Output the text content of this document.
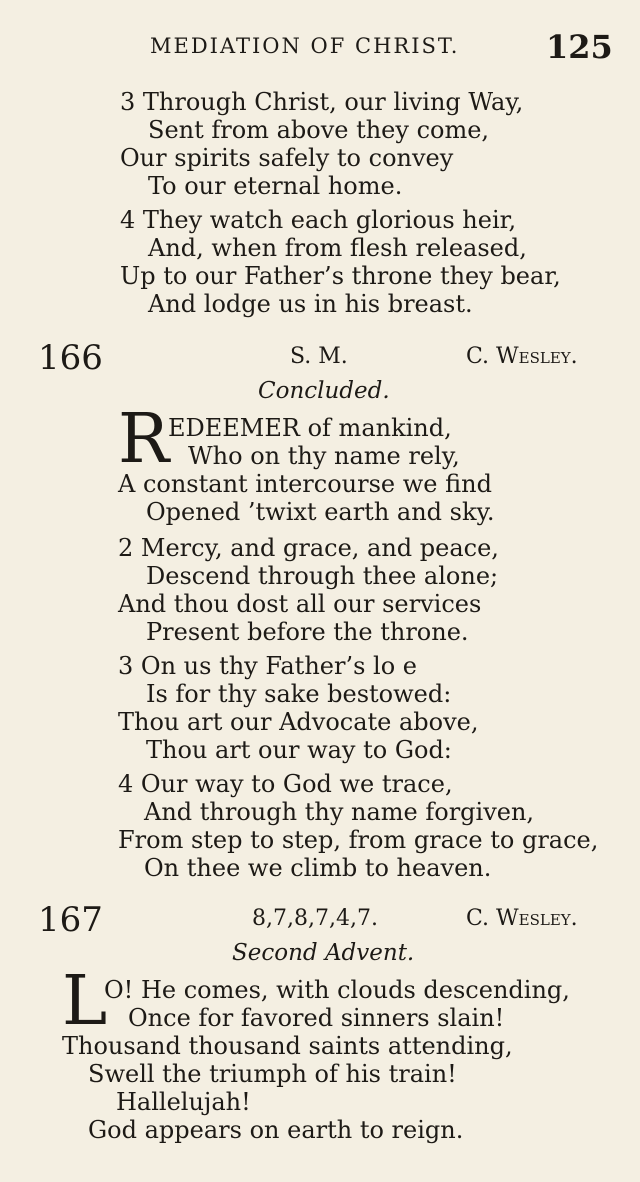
MEDIATION OF CHRIST.	125
3 Through Christ, our living Way,
Sent from above they come,
Our spirits safely to convey
To our eternal home.
4 They watch each glorious heir,
And, when from flesh released,
Up to our Father’s throne they bear,
And lodge us in his breast.
166	S. M.	C. Wesley.
Concluded.
R
EDEEMER of mankind,
Who on thy name rely,
A constant intercourse we find
Opened ’twixt earth and sky.
2 Mercy, and grace, and peace,
Descend through thee alone;
And thou dost all our services
Present before the throne.
3 On us thy Father’s lo e
Is for thy sake bestowed:
Thou art our Advocate above,
Thou art our way to God:
4 Our way to God we trace,
And through thy name forgiven,
From step to step, from grace to grace,
On thee we climb to heaven.
167	8,7,8,7,4,7.	C. Wesley.
Second Advent.
L
O! He comes, with clouds descending,
Once for favored sinners slain!
Thousand thousand saints attending,
Swell the triumph of his train!
Hallelujah!
God appears on earth to reign.
